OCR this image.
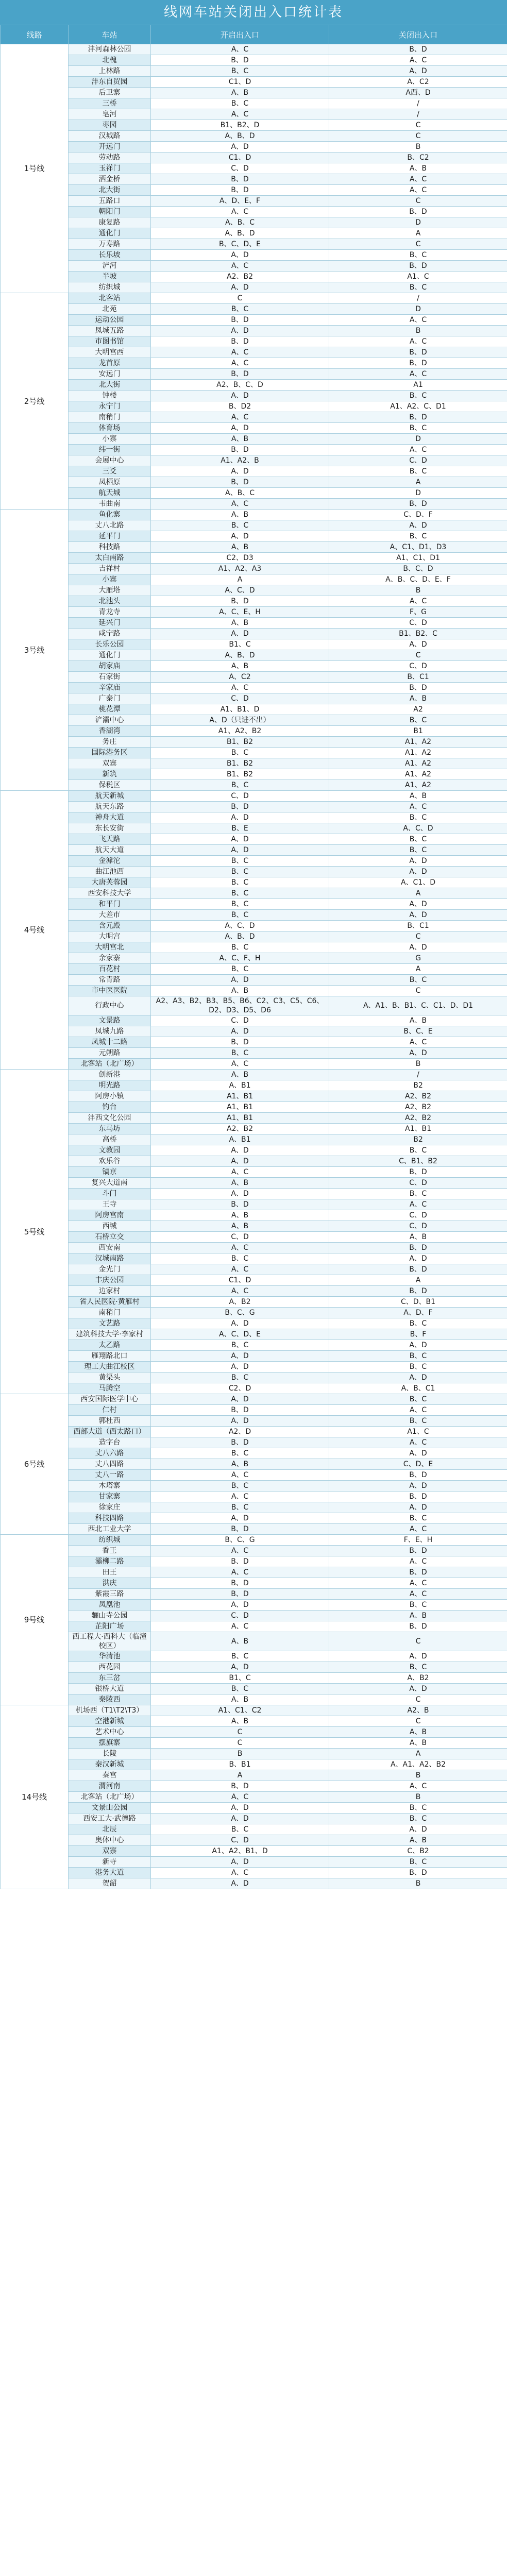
线网车站关闭出入口统计表
线路	车站	开启出入口	关闭出入口
1号线	沣河森林公园	A、C	B、D
	北槐	B、D	A、C
	上林路	B、C	A、D
	沣东自贸园	C1、D	A、C2
	后卫寨	A、B	A西、D
	三桥	B、C	/
	皂河	A、C	/
	枣园	B1、B2、D	C
	汉城路	A、B、D	C
	开远门	A、D	B
	劳动路	C1、D	B、C2
	玉祥门	C、D	A、B
	洒金桥	B、D	A、C
	北大街	B、D	A、C
	五路口	A、D、E、F	C
	朝阳门	A、C	B、D
	康复路	A、B、C	D
	通化门	A、B、D	A
	万寿路	B、C、D、E	C
	长乐坡	A、D	B、C
	浐河	A、C	B、D
	半坡	A2、B2	A1、C
	纺织城	A、D	B、C
2号线	北客站	C	/
	北苑	B、C	D
	运动公园	B、D	A、C
	凤城五路	A、D	B
	市图书馆	B、D	A、C
	大明宫西	A、C	B、D
	龙首原	A、C	B、D
	安远门	B、D	A、C
	北大街	A2、B、C、D	A1
	钟楼	A、D	B、C
	永宁门	B、D2	A1、A2、C、D1
	南稍门	A、C	B、D
	体育场	A、D	B、C
	小寨	A、B	D
	纬一街	B、D	A、C
	会展中心	A1、A2、B	C、D
	三爻	A、D	B、C
	凤栖原	B、D	A
	航天城	A、B、C	D
	韦曲南	A、C	B、D
3号线	鱼化寨	A、B	C、D、F
	丈八北路	B、C	A、D
	延平门	A、D	B、C
	科技路	A、B	A、C1、D1、D3
	太白南路	C2、D3	A1、C1、D1
	吉祥村	A1、A2、A3	B、C、D
	小寨	A	A、B、C、D、E、F
	大雁塔	A、C、D	B
	北池头	B、D	A、C
	青龙寺	A、C、E、H	F、G
	延兴门	A、B	C、D
	咸宁路	A、D	B1、B2、C
	长乐公园	B1、C	A、D
	通化门	A、B、D	C
	胡家庙	A、B	C、D
	石家街	A、C2	B、C1
	辛家庙	A、C	B、D
	广泰门	C、D	A、B
	桃花潭	A1、B1、D	A2
	浐灞中心	A、D（只进不出）	B、C
	香湖湾	A1、A2、B2	B1
	务庄	B1、B2	A1、A2
	国际港务区	B、C	A1、A2
	双寨	B1、B2	A1、A2
	新筑	B1、B2	A1、A2
	保税区	B、C	A1、A2
4号线	航天新城	C、D	A、B
	航天东路	B、D	A、C
	神舟大道	A、D	B、C
	东长安街	B、E	A、C、D
	飞天路	A、D	B、C
	航天大道	A、D	B、C
	金滹沱	B、C	A、D
	曲江池西	B、C	A、D
	大唐芙蓉园	B、C	A、C1、D
	西安科技大学	B、C	A
	和平门	B、C	A、D
	大差市	B、C	A、D
	含元殿	A、C、D	B、C1
	大明宫	A、B、D	C
	大明宫北	B、C	A、D
	余家寨	A、C、F、H	G
	百花村	B、C	A
	常青路	A、D	B、C
	市中医医院	A、B	C
	行政中心	A2、A3、B2、B3、B5、B6、C2、C3、C5、C6、D2、D3、D5、D6	A、A1、B、B1、C、C1、D、D1
	文景路	C、D	A、B
	凤城九路	A、D	B、C、E
	凤城十二路	B、D	A、C
	元朔路	B、C	A、D
	北客站（北广场）	A、C	B
5号线	创新港	A、B	/
	明光路	A、B1	B2
	阿房小镇	A1、B1	A2、B2
	钓台	A1、B1	A2、B2
	沣西文化公园	A1、B1	A2、B2
	东马坊	A2、B2	A1、B1
	高桥	A、B1	B2
	文教园	A、D	B、C
	欢乐谷	A、D	C、B1、B2
	镐京	A、C	B、D
	复兴大道南	A、B	C、D
	斗门	A、D	B、C
	王寺	B、D	A、C
	阿房宫南	A、B	C、D
	西城	A、B	C、D
	石桥立交	C、D	A、B
	西安南	A、C	B、D
	汉城南路	B、C	A、D
	金光门	A、C	B、D
	丰庆公园	C1、D	A
	边家村	A、C	B、D
	省人民医院·黄雁村	A、B2	C、D、B1
	南稍门	B、C、G	A、D、F
	文艺路	A、D	B、C
	建筑科技大学·李家村	A、C、D、E	B、F
	太乙路	B、C	A、D
	雁翔路北口	A、D	B、C
	理工大曲江校区	A、D	B、C
	黄渠头	B、C	A、D
	马腾空	C2、D	A、B、C1
6号线	西安国际医学中心	A、D	B、C
	仁村	B、D	A、C
	郭杜西	A、D	B、C
	西部大道（西太路口）	A2、D	A1、C
	造字台	B、D	A、C
	丈八六路	B、C	A、D
	丈八四路	A、B	C、D、E
	丈八一路	A、C	B、D
	木塔寨	B、C	A、D
	甘家寨	A、C	B、D
	徐家庄	B、C	A、D
	科技四路	A、D	B、C
	西北工业大学	B、D	A、C
9号线	纺织城	B、C、G	F、E、H
	香王	A、C	B、D
	灞柳二路	B、D	A、C
	田王	A、C	B、D
	洪庆	B、D	A、C
	紫霞三路	B、D	A、C
	凤凰池	A、D	B、C
	骊山寺公园	C、D	A、B
	芷阳广场	A、C	B、D
	西工程大·西科大（临潼校区）	A、B	C
	华清池	B、C	A、D
	西花园	A、D	B、C
	东三岔	B1、C	A、B2
	银桥大道	B、C	A、D
	秦陵西	A、B	C
14号线	机场西（T1\T2\T3）	A1、C1、C2	A2、B
	空港新城	A、B	C
	艺术中心	C	A、B
	摆旗寨	C	A、B
	长陵	B	A
	秦汉新城	B、B1	A、A1、A2、B2
	秦宫	A	B
	渭河南	B、D	A、C
	北客站（北广场）	A、C	B
	文景山公园	A、D	B、C
	西安工大·武德路	A、D	B、C
	北辰	B、C	A、D
	奥体中心	C、D	A、B
	双寨	A1、A2、B1、D	C、B2
	新寺	A、D	B、C
	港务大道	A、C	B、D
	贺韶	A、D	B
